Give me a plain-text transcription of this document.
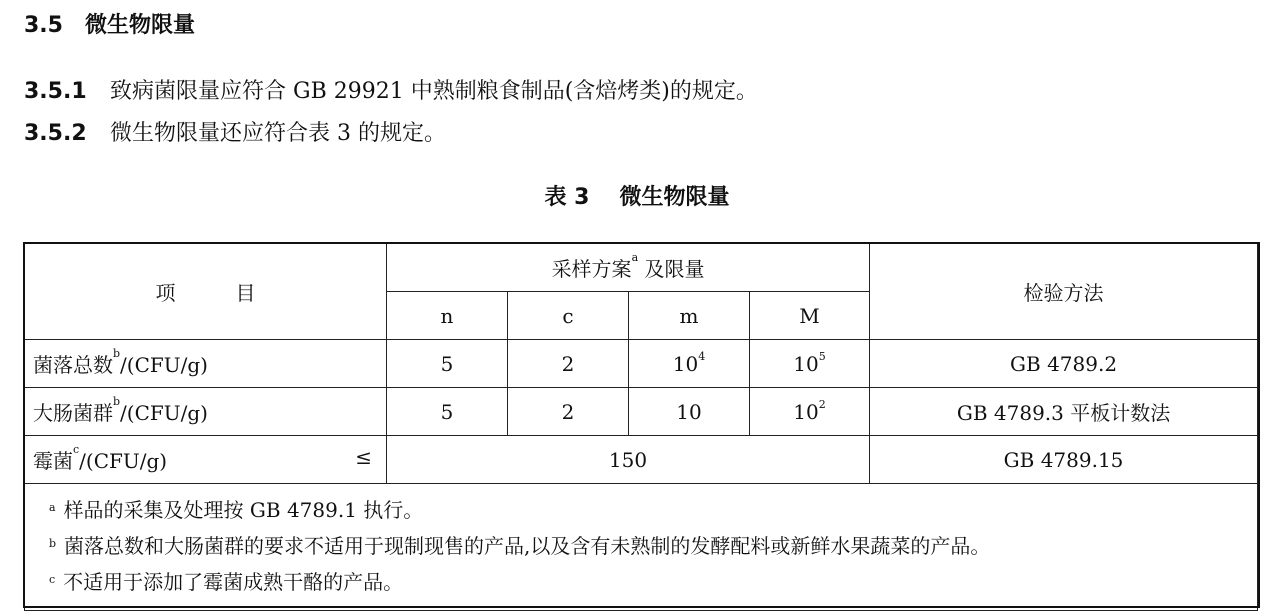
3.5 微生物限量
3.5.1 致病菌限量应符合 GB 29921 中熟制粮食制品(含焙烤类)的规定。
3.5.2 微生物限量还应符合表 3 的规定。
表 3 微生物限量
项 目	采样方案$^a$ 及限量				检验方法
	n	c	m	M	
菌落总数$^b$/(CFU/g)	5	2	$10^4$	$10^5$	GB 4789.2
大肠菌群$^b$/(CFU/g)	5	2	10	$10^2$	GB 4789.3 平板计数法
霉菌$^c$/(CFU/g) ≤	150				GB 4789.15

$^a$ 样品的采集及处理按 GB 4789.1 执行。
$^b$ 菌落总数和大肠菌群的要求不适用于现制现售的产品,以及含有未熟制的发酵配料或新鲜水果蔬菜的产品。
$^c$ 不适用于添加了霉菌成熟干酪的产品。					
